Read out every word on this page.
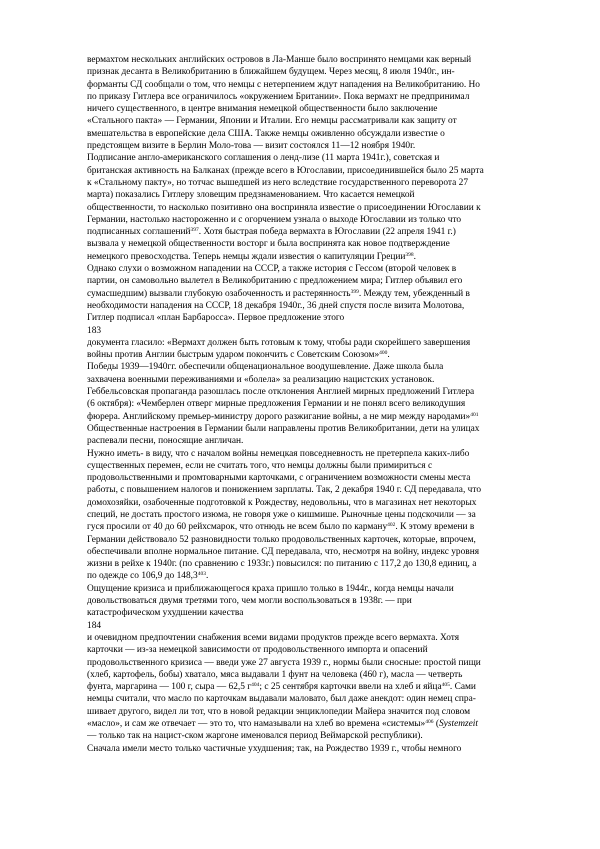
вермахтом нескольких английских островов в Ла-Манше было воспринято немцами как верный
признак десанта в Великобританию в ближайшем будущем. Через месяц, 8 июля 1940г., ин-
форманты СД сообщали о том, что немцы с нетерпением ждут нападения на Великобританию. Но
по приказу Гитлера все ограничилось «окружением Британии». Пока вермахт не предпринимал
ничего существенного, в центре внимания немецкой общественности было заключение
«Стального пакта» — Германии, Японии и Италии. Его немцы рассматривали как защиту от
вмешательства в европейские дела США. Также немцы оживленно обсуждали известие о
предстоящем визите в Берлин Моло-това — визит состоялся 11—12 ноября 1940г.
Подписание англо-американского соглашения о ленд-лизе (11 марта 1941г.), советская и
британская активность на Балканах (прежде всего в Югославии, присоединившейся было 25 марта
к «Стальному пакту», но тотчас вышедшей из него вследствие государственного переворота 27
марта) показались Гитлеру зловещим предзнаменованием. Что касается немецкой
общественности, то насколько позитивно она восприняла известие о присоединении Югославии к
Германии, настолько настороженно и с огорчением узнала о выходе Югославии из только что
подписанных соглашений$^{397}$. Хотя быстрая победа вермахта в Югославии (22 апреля 1941 г.)
вызвала у немецкой общественности восторг и была воспринята как новое подтверждение
немецкого превосходства. Теперь немцы ждали известия о капитуляции Греции$^{398}$.
Однако слухи о возможном нападении на СССР, а также история с Гессом (второй человек в
партии, он самовольно вылетел в Великобританию с предложением мира; Гитлер объявил его
сумасшедшим) вызвали глубокую озабоченность и растерянность$^{399}$. Между тем, убежденный в
необходимости нападения на СССР, 18 декабря 1940г., 36 дней спустя после визита Молотова,
Гитлер подписал «план Барбаросса». Первое предложение этого
183
документа гласило: «Вермахт должен быть готовым к тому, чтобы ради скорейшего завершения
войны против Англии быстрым ударом покончить с Советским Союзом»$^{400}$.
Победы 1939—1940гг. обеспечили общенациональное воодушевление. Даже школа была
захвачена военными переживаниями и «болела» за реализацию нацистских установок.
Геббельсовская пропаганда разошлась после отклонения Англией мирных предложений Гитлера
(6 октября): «Чемберлен отверг мирные предложения Германии и не понял всего великодушия
фюрера. Английскому премьер-министру дорого разжигание войны, а не мир между народами»$^{401}$
Общественные настроения в Германии были направлены против Великобритании, дети на улицах
распевали песни, поносящие англичан.
Нужно иметь- в виду, что с началом войны немецкая повседневность не претерпела каких-либо
существенных перемен, если не считать того, что немцы должны были примириться с
продовольственными и промтоварными карточками, с ограничением возможности смены места
работы, с повышением налогов и понижением зарплаты. Так, 2 декабря 1940 г. СД передавала, что
домохозяйки, озабоченные подготовкой к Рождеству, недовольны, что в магазинах нет некоторых
специй, не достать простого изюма, не говоря уже о кишмише. Рыночные цены подскочили — за
гуся просили от 40 до 60 рейхсмарок, что отнюдь не всем было по карману$^{402}$. К этому времени в
Германии действовало 52 разновидности только продовольственных карточек, которые, впрочем,
обеспечивали вполне нормальное питание. СД передавала, что, несмотря на войну, индекс уровня
жизни в рейхе к 1940г. (по сравнению с 1933г.) повысился: по питанию с 117,2 до 130,8 единиц, а
по одежде со 106,9 до 148,3$^{403}$.
Ощущение кризиса и приближающегося краха пришло только в 1944г., когда немцы начали
довольствоваться двумя третями того, чем могли воспользоваться в 1938г. — при
катастрофическом ухудшении качества
184
и очевидном предпочтении снабжения всеми видами продуктов прежде всего вермахта. Хотя
карточки — из-за немецкой зависимости от продовольственного импорта и опасений
продовольственного кризиса — введи уже 27 августа 1939 г., нормы были сносные: простой пищи
(хлеб, картофель, бобы) хватало, мяса выдавали 1 фунт на человека (460 г), масла — четверть
фунта, маргарина — 100 г, сыра — 62,5 $г^{404}$; с 25 сентября карточки ввели на хлеб и яйца$^{405}$. Сами
немцы считали, что масло по карточкам выдавали маловато, был даже анекдот: один немец спра-
шивает другого, видел ли тот, что в новой редакции энциклопедии Майера значится под словом
«масло», и сам же отвечает — это то, что намазывали на хлеб во времена «системы»$^{406}$ (Systemzeit
— только так на нацист-ском жаргоне именовался период Веймарской республики).
Сначала имели место только частичные ухудшения; так, на Рождество 1939 г., чтобы немного
